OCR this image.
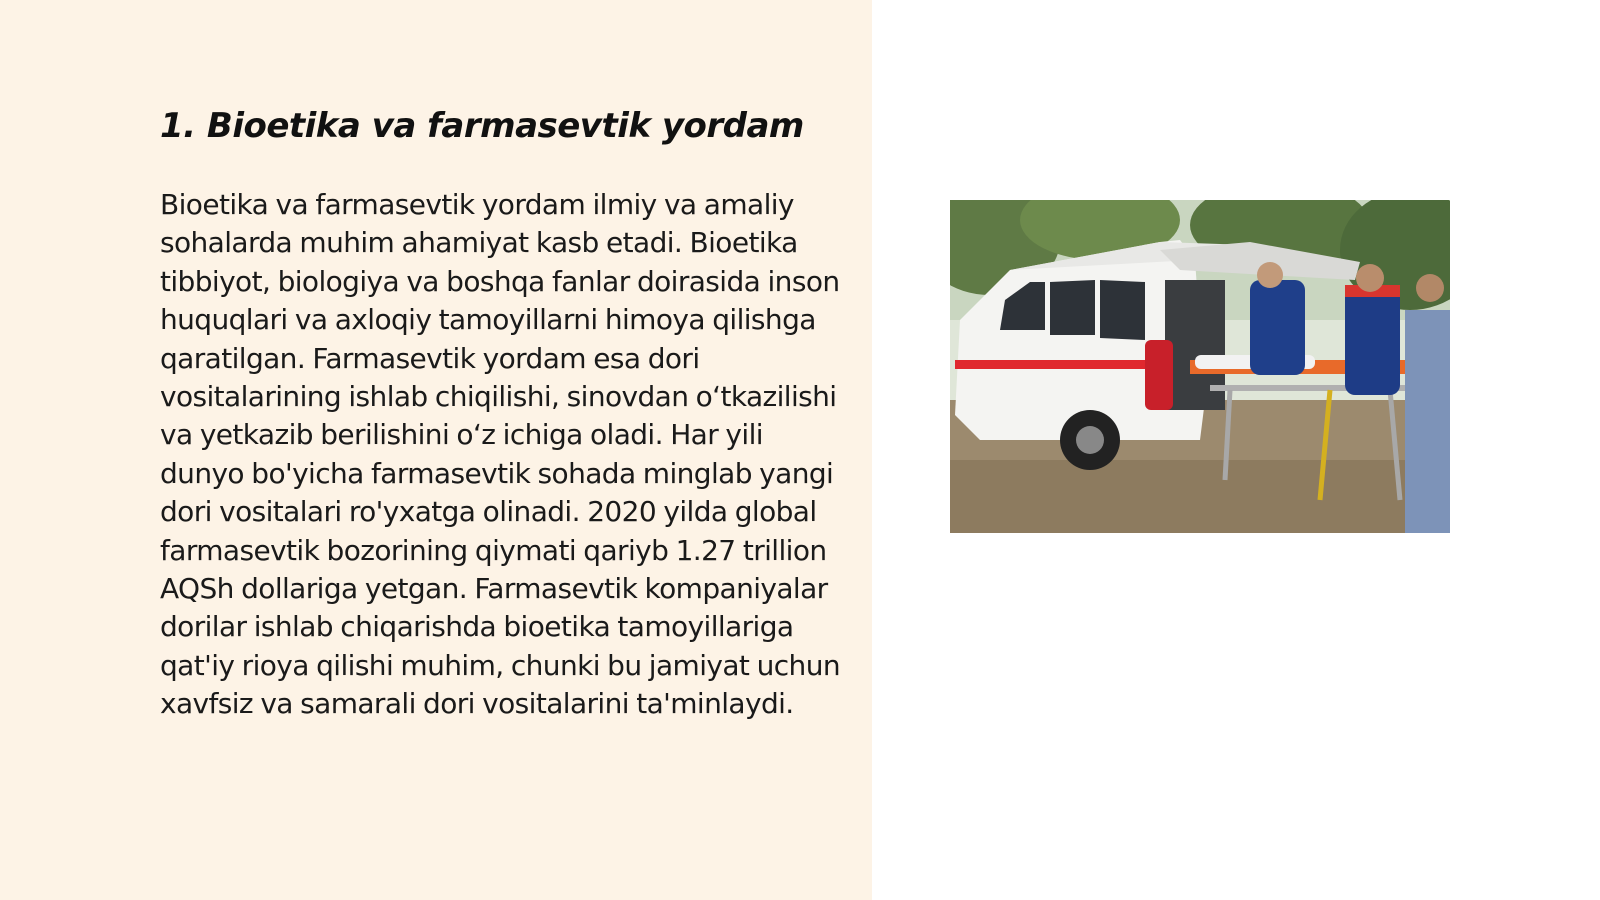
1. Bioetika va farmasevtik yordam

Bioetika va farmasevtik yordam ilmiy va amaliy sohalarda muhim ahamiyat kasb etadi. Bioetika tibbiyot, biologiya va boshqa fanlar doirasida inson huquqlari va axloqiy tamoyillarni himoya qilishga qaratilgan. Farmasevtik yordam esa dori vositalarining ishlab chiqilishi, sinovdan oʻtkazilishi va yetkazib berilishini oʻz ichiga oladi. Har yili dunyo bo'yicha farmasevtik sohada minglab yangi dori vositalari ro'yxatga olinadi. 2020 yilda global farmasevtik bozorining qiymati qariyb 1.27 trillion AQSh dollariga yetgan. Farmasevtik kompaniyalar dorilar ishlab chiqarishda bioetika tamoyillariga qat'iy rioya qilishi muhim, chunki bu jamiyat uchun xavfsiz va samarali dori vositalarini ta'minlaydi.
